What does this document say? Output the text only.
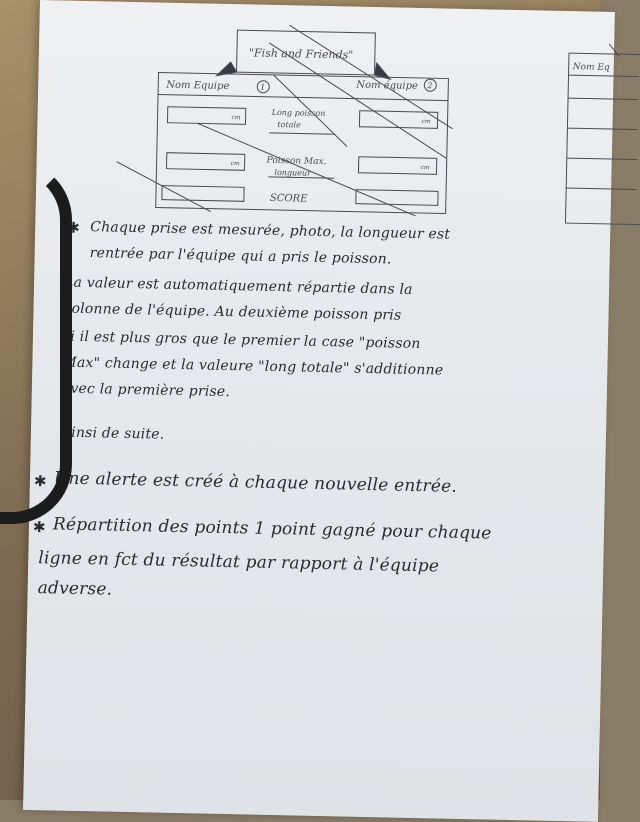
"Fish and Friends"
Nom Equipe	1	Nom équipe 2
Long poisson
totale
cm
cm
Poisson Max.
longueur
cm
cm
SCORE
Nom Eq
✱ Chaque prise est mesurée, photo, la longueur est
rentrée par l'équipe qui a pris le poisson.
La valeur est automatiquement répartie dans la
colonne de l'équipe. Au deuxième poisson pris
si il est plus gros que le premier la case "poisson
Max" change et la valeure "long totale" s'additionne
avec la première prise.
Ainsi de suite.
✱ Une alerte est créé à chaque nouvelle entrée.
✱ Répartition des points 1 point gagné pour chaque
ligne en fct du résultat par rapport à l'équipe
adverse.
